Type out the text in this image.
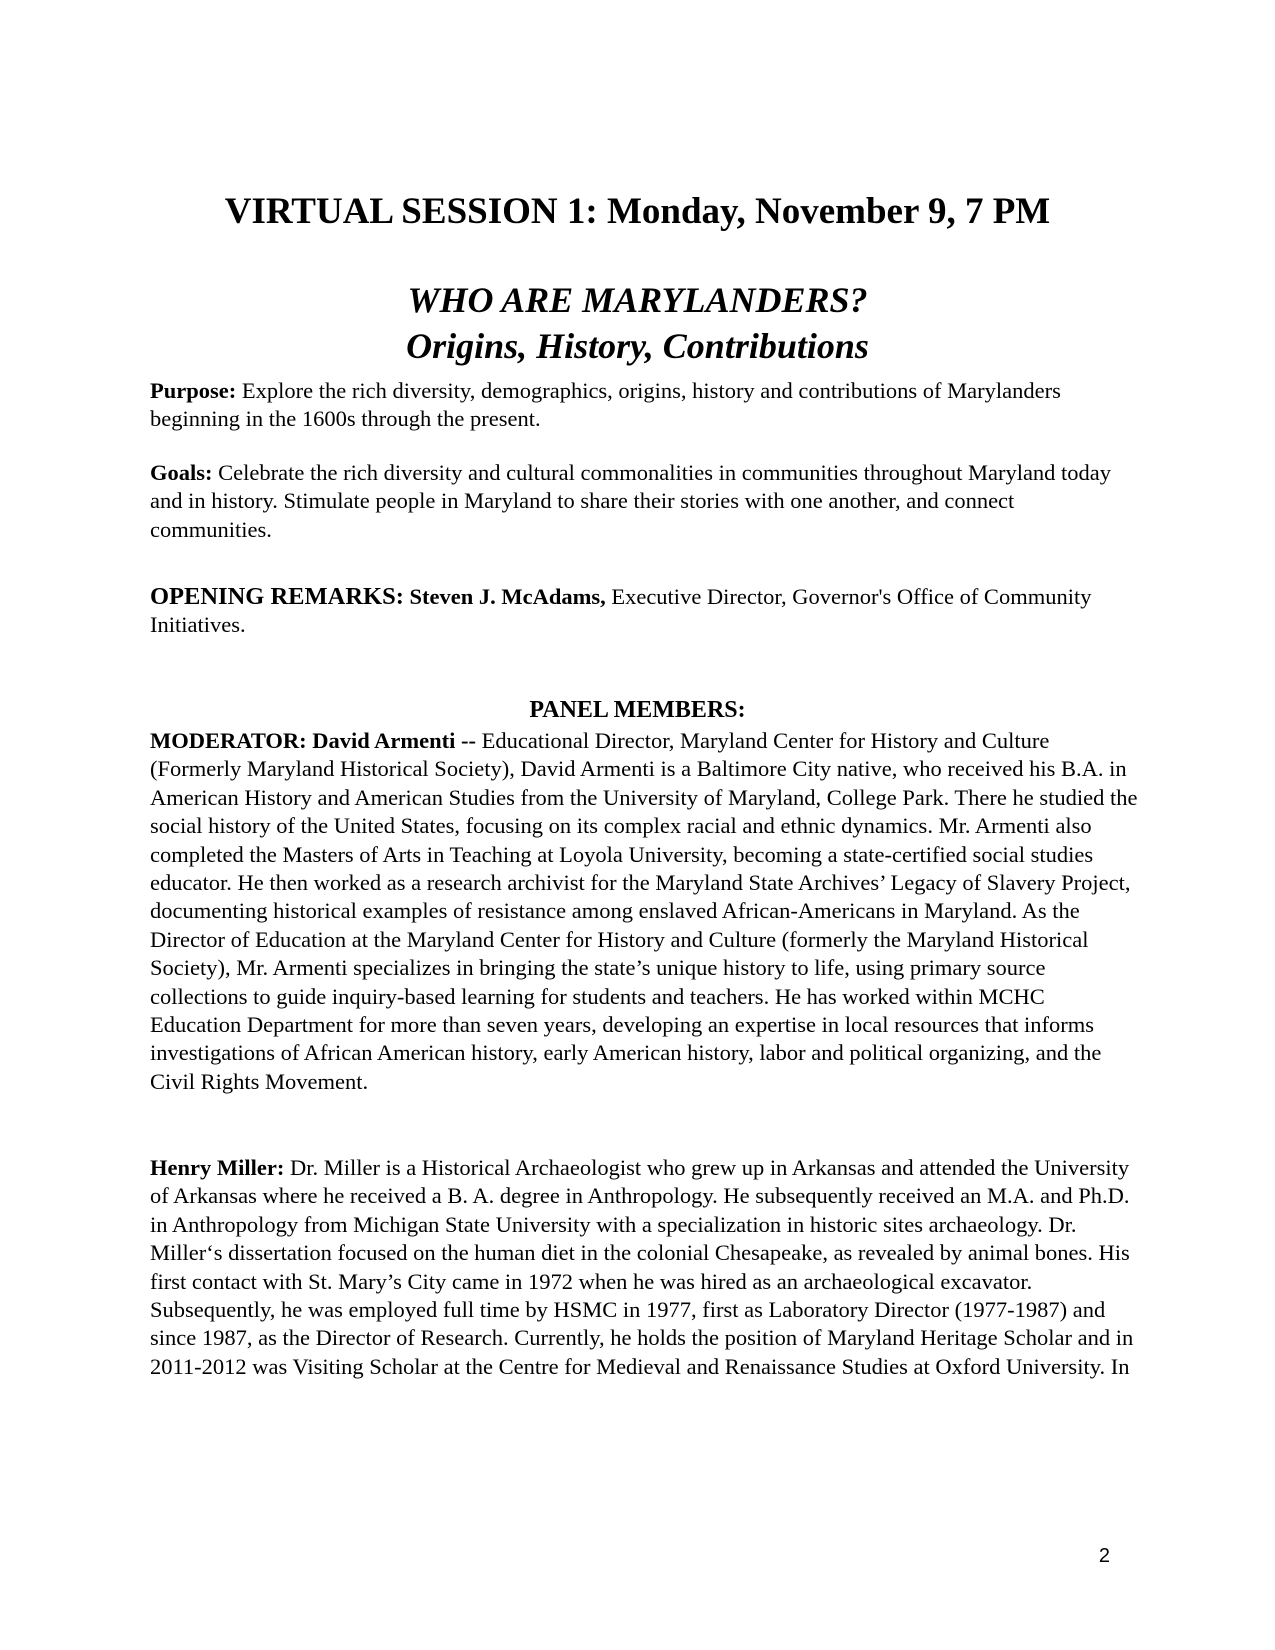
VIRTUAL SESSION 1: Monday, November 9, 7 PM
WHO ARE MARYLANDERS?
Origins, History, Contributions

Purpose: Explore the rich diversity, demographics, origins, history and contributions of Marylanders beginning in the 1600s through the present.

Goals: Celebrate the rich diversity and cultural commonalities in communities throughout Maryland today and in history. Stimulate people in Maryland to share their stories with one another, and connect communities.

OPENING REMARKS: Steven J. McAdams, Executive Director, Governor's Office of Community Initiatives.

PANEL MEMBERS:

MODERATOR: David Armenti -- Educational Director, Maryland Center for History and Culture (Formerly Maryland Historical Society), David Armenti is a Baltimore City native, who received his B.A. in American History and American Studies from the University of Maryland, College Park. There he studied the social history of the United States, focusing on its complex racial and ethnic dynamics. Mr. Armenti also completed the Masters of Arts in Teaching at Loyola University, becoming a state-certified social studies educator. He then worked as a research archivist for the Maryland State Archives’ Legacy of Slavery Project, documenting historical examples of resistance among enslaved African-Americans in Maryland. As the Director of Education at the Maryland Center for History and Culture (formerly the Maryland Historical Society), Mr. Armenti specializes in bringing the state’s unique history to life, using primary source collections to guide inquiry-based learning for students and teachers. He has worked within MCHC Education Department for more than seven years, developing an expertise in local resources that informs investigations of African American history, early American history, labor and political organizing, and the Civil Rights Movement.

Henry Miller: Dr. Miller is a Historical Archaeologist who grew up in Arkansas and attended the University of Arkansas where he received a B. A. degree in Anthropology. He subsequently received an M.A. and Ph.D. in Anthropology from Michigan State University with a specialization in historic sites archaeology. Dr. Miller‘s dissertation focused on the human diet in the colonial Chesapeake, as revealed by animal bones. His first contact with St. Mary’s City came in 1972 when he was hired as an archaeological excavator. Subsequently, he was employed full time by HSMC in 1977, first as Laboratory Director (1977-1987) and since 1987, as the Director of Research. Currently, he holds the position of Maryland Heritage Scholar and in 2011-2012 was Visiting Scholar at the Centre for Medieval and Renaissance Studies at Oxford University. In

2
